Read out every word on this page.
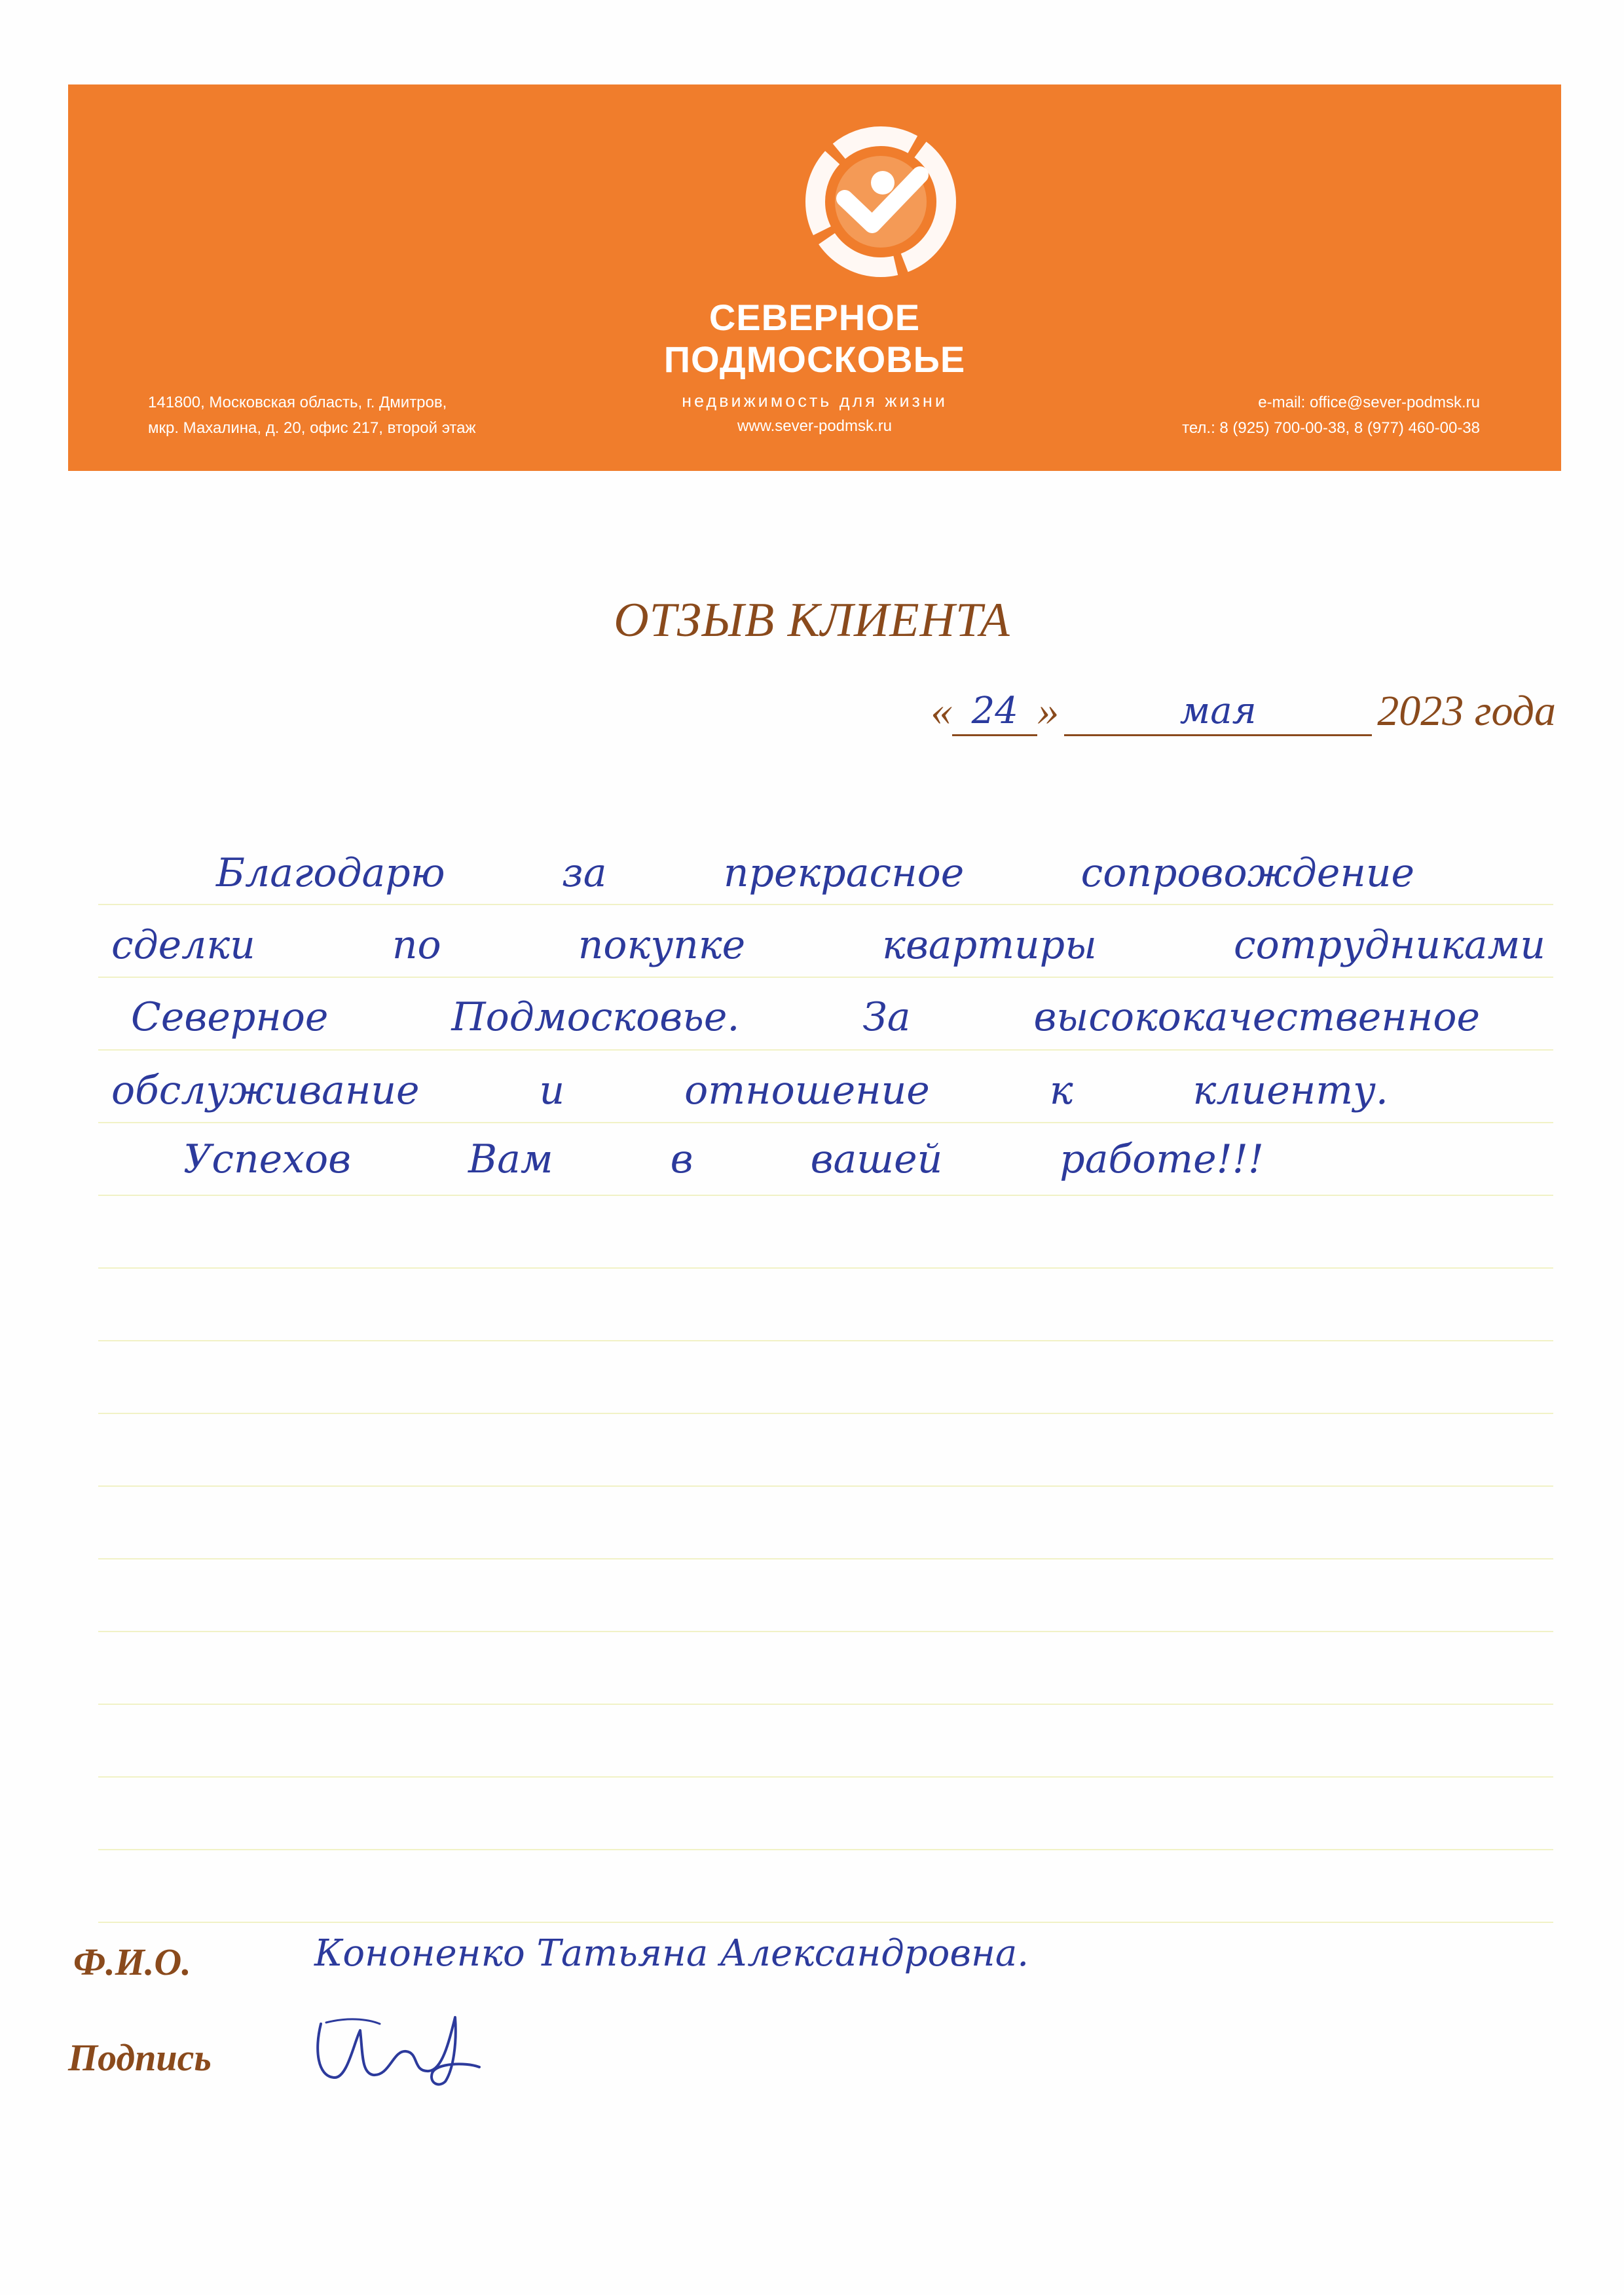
СЕВЕРНОЕ
ПОДМОСКОВЬЕ
недвижимость для жизни
www.sever-podmsk.ru
141800, Московская область, г. Дмитров,
мкр. Махалина, д. 20, офис 217, второй этаж
e-mail: office@sever-podmsk.ru
тел.: 8 (925) 700-00-38, 8 (977) 460-00-38
ОТЗЫВ КЛИЕНТА
« 24 »	мая	2023 года
Благодарю	за	прекрасное	сопровождение
сделки	по	покупке	квартиры	сотрудниками
Северное	Подмосковье.	За	высококачественное
обслуживание	и	отношение	к	клиенту.
Успехов	Вам	в	вашей	работе!!!
Ф.И.О.	Кононенко Татьяна Александровна.
Подпись
